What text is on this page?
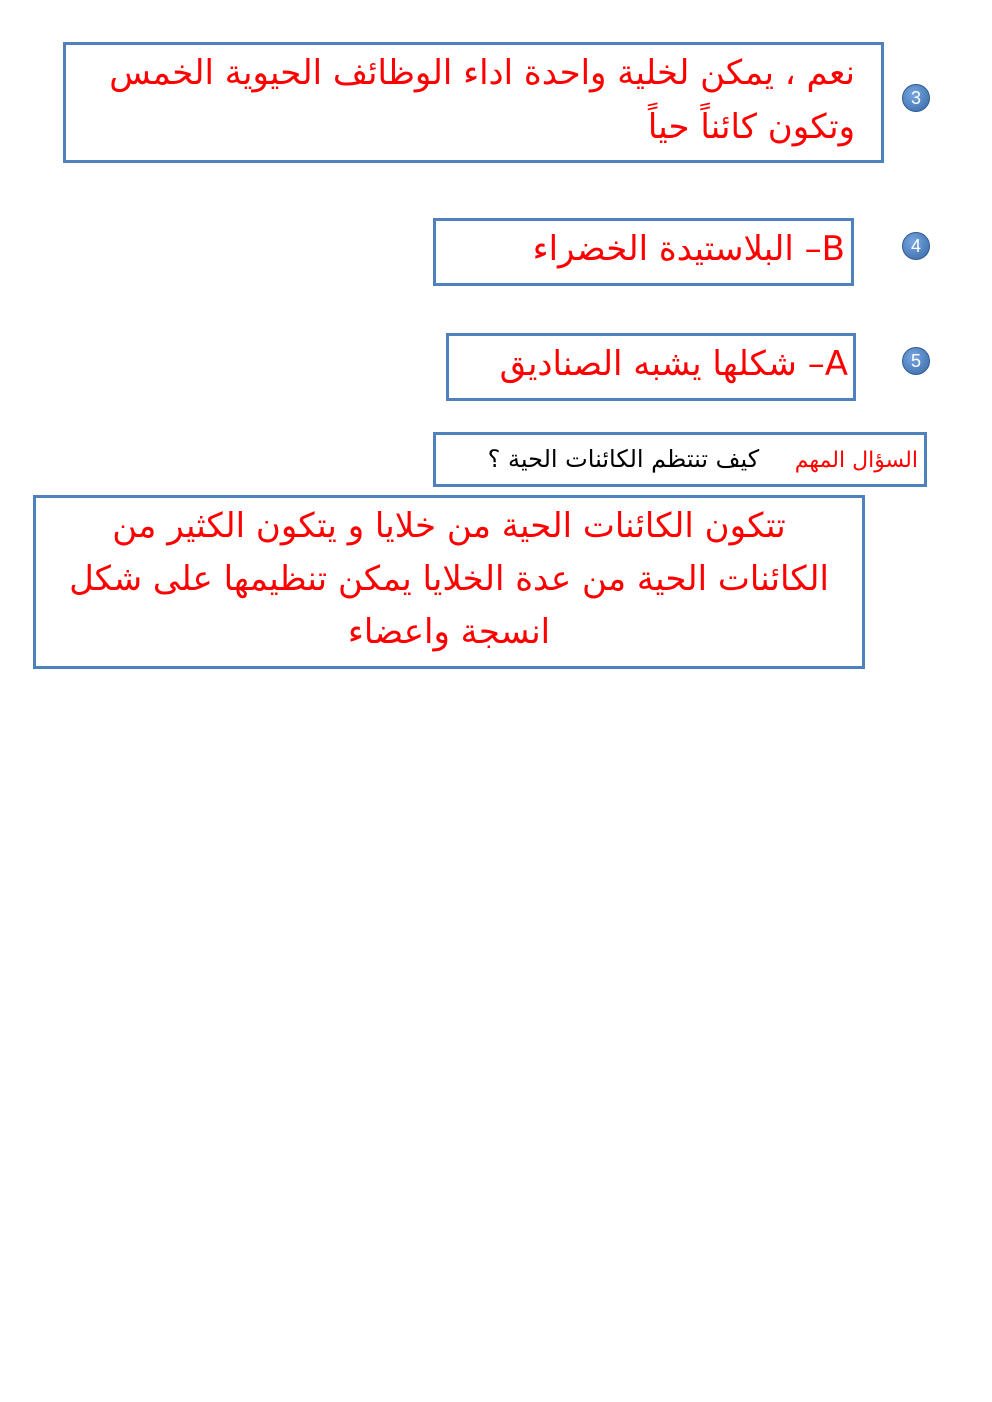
نعم ، يمكن لخلية واحدة اداء الوظائف الحيوية الخمس وتكون كائناً حياً
3
B– البلاستيدة الخضراء	4
A– شكلها يشبه الصناديق	5
السؤال المهم كيف تنتظم الكائنات الحية ؟
تتكون الكائنات الحية من خلايا و يتكون الكثير من الكائنات الحية من عدة الخلايا يمكن تنظيمها على شكل انسجة واعضاء
